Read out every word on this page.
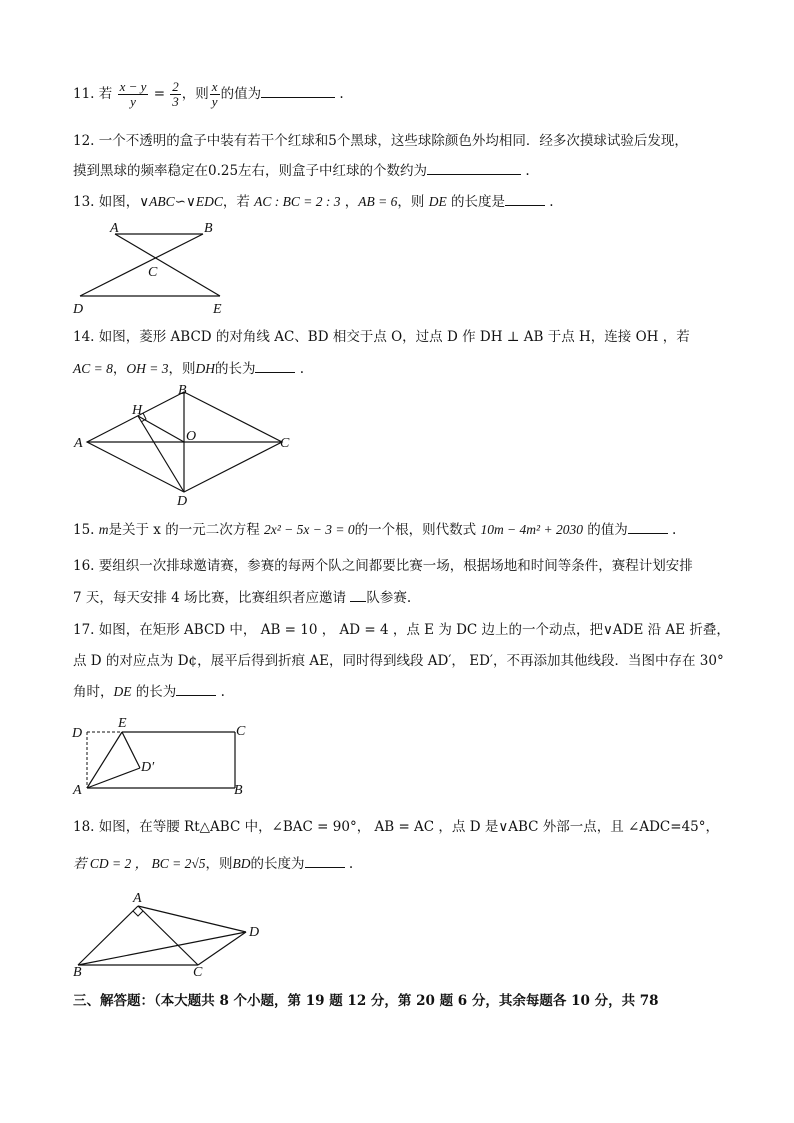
11. 若 $\frac{x - y}{y} = \frac{2}{3}$ ，则 $\frac{x}{y}$ 的值为	.
12. 一个不透明的盒子中装有若干个红球和5个黑球，这些球除颜色外均相同．经多次摸球试验后发现，
摸到黑球的频率稳定在0.25左右，则盒子中红球的个数约为	.
13. 如图，∨ABC∽∨EDC，若 AC : BC = 2 : 3 ，AB = 6，则 DE 的长度是	.
A	B
C
D	E
14. 如图，菱形 ABCD 的对角线 AC、BD 相交于点 O，过点 D 作 DH ⊥ AB 于点 H，连接 OH ，若
AC = 8，OH = 3，则DH的长为	.
A
B
C
D
H
O
15. m是关于 x 的一元二次方程 2x² − 5x − 3 = 0的一个根，则代数式 10m − 4m² + 2030 的值为	.
16. 要组织一次排球邀请赛，参赛的每两个队之间都要比赛一场，根据场地和时间等条件，赛程计划安排
7 天，每天安排 4 场比赛，比赛组织者应邀请 队参赛.
17. 如图，在矩形 ABCD 中， AB = 10 ， AD = 4 ，点 E 为 DC 边上的一个动点，把∨ADE 沿 AE 折叠，
点 D 的对应点为 D¢，展平后得到折痕 AE，同时得到线段 AD′， ED′，不再添加其他线段．当图中存在 30°
角时，DE 的长为	.
D
E
C
D′
A	B
18. 如图，在等腰 Rt△ABC 中，∠BAC = 90°， AB = AC ，点 D 是∨ABC 外部一点，且 ∠ADC=45°，
若 CD = 2 ， BC = 2√5，则BD的长度为	.
A
B	C
D
三、解答题：（本大题共 8 个小题，第 19 题 12 分，第 20 题 6 分，其余每题各 10 分，共 78
